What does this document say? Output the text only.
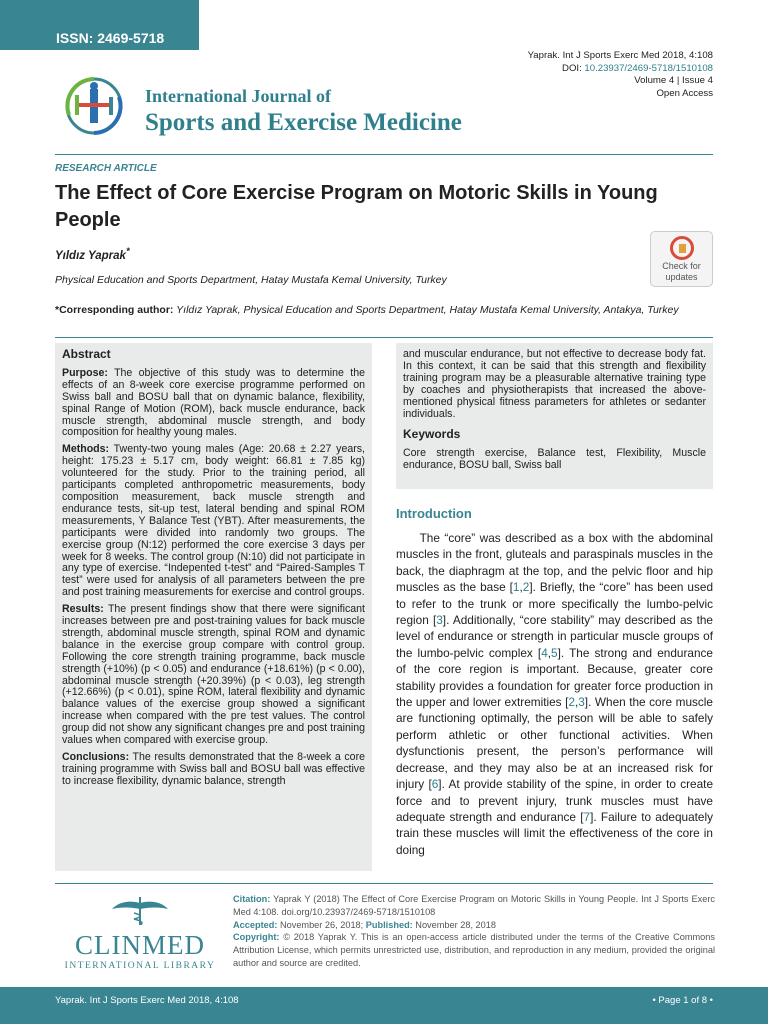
ISSN: 2469-5718
Yaprak. Int J Sports Exerc Med 2018, 4:108
DOI: 10.23937/2469-5718/1510108
Volume 4 | Issue 4
Open Access
International Journal of
Sports and Exercise Medicine
RESEARCH ARTICLE
The Effect of Core Exercise Program on Motoric Skills in Young People
Yıldız Yaprak*
Check for
updates
Physical Education and Sports Department, Hatay Mustafa Kemal University, Turkey
*Corresponding author: Yıldız Yaprak, Physical Education and Sports Department, Hatay Mustafa Kemal University, Antakya, Turkey
Abstract

Purpose: The objective of this study was to determine the effects of an 8-week core exercise programme performed on Swiss ball and BOSU ball that on dynamic balance, flexibility, spinal Range of Motion (ROM), back muscle endurance, back muscle strength, abdominal muscle strength, and body composition for healthy young males.

Methods: Twenty-two young males (Age: 20.68 ± 2.27 years, height: 175.23 ± 5.17 cm, body weight: 66.81 ± 7.85 kg) volunteered for the study. Prior to the training period, all participants completed anthropometric measurements, body composition measurement, back muscle strength and endurance tests, sit-up test, lateral bending and spinal ROM measurements, Y Balance Test (YBT). After measurements, the participants were divided into randomly two groups. The exercise group (N:12) performed the core exercise 3 days per week for 8 weeks. The control group (N:10) did not participate in any type of exercise. “Indepented t-test” and “Paired-Samples T test” were used for analysis of all parameters between the pre and post training measurements for exercise and control groups.

Results: The present findings show that there were significant increases between pre and post-training values for back muscle strength, abdominal muscle strength, spinal ROM and dynamic balance in the exercise group compare with control group. Following the core strength training programme, back muscle strength (+10%) (p < 0.05) and endurance (+18.61%) (p < 0.00), abdominal muscle strength (+20.39%) (p < 0.03), leg strength (+12.66%) (p < 0.01), spine ROM, lateral flexibility and dynamic balance values of the exercise group showed a significant increase when compared with the pre test values. The control group did not show any significant changes pre and post training values when compared with exercise group.

Conclusions: The results demonstrated that the 8-week a core training programme with Swiss ball and BOSU ball was effective to increase flexibility, dynamic balance, strength

and muscular endurance, but not effective to decrease body fat. In this context, it can be said that this strength and flexibility training program may be a pleasurable alternative training type by coaches and physiotherapists that increased the above-mentioned physical fitness parameters for athletes or sedanter individuals.

Keywords

Core strength exercise, Balance test, Flexibility, Muscle endurance, BOSU ball, Swiss ball

Introduction
  The “core” was described as a box with the abdominal muscles in the front, gluteals and paraspinals muscles in the back, the diaphragm at the top, and the pelvic floor and hip muscles as the base [1,2]. Briefly, the “core” has been used to refer to the trunk or more specifically the lumbo-pelvic region [3]. Additionally, “core stability” may described as the level of endurance or strength in particular muscle groups of the lumbo-pelvic complex [4,5]. The strong and endurance of the core region is important. Because, greater core stability provides a foundation for greater force production in the upper and lower extremities [2,3]. When the core muscle are functioning optimally, the person will be able to safely perform athletic or other functional activities. When dysfunctionis present, the person’s performance will decrease, and they may also be at an increased risk for injury [6]. At provide stability of the spine, in order to create force and to prevent injury, trunk muscles must have adequate strength and endurance [7]. Failure to adequately train these muscles will limit the effectiveness of the core in doing
CLINMED
INTERNATIONAL LIBRARY
Citation: Yaprak Y (2018) The Effect of Core Exercise Program on Motoric Skills in Young People. Int J Sports Exerc Med 4:108. doi.org/10.23937/2469-5718/1510108
Accepted: November 26, 2018; Published: November 28, 2018
Copyright: © 2018 Yaprak Y. This is an open-access article distributed under the terms of the Creative Commons Attribution License, which permits unrestricted use, distribution, and reproduction in any medium, provided the original author and source are credited.
Yaprak. Int J Sports Exerc Med 2018, 4:108	• Page 1 of 8 •
